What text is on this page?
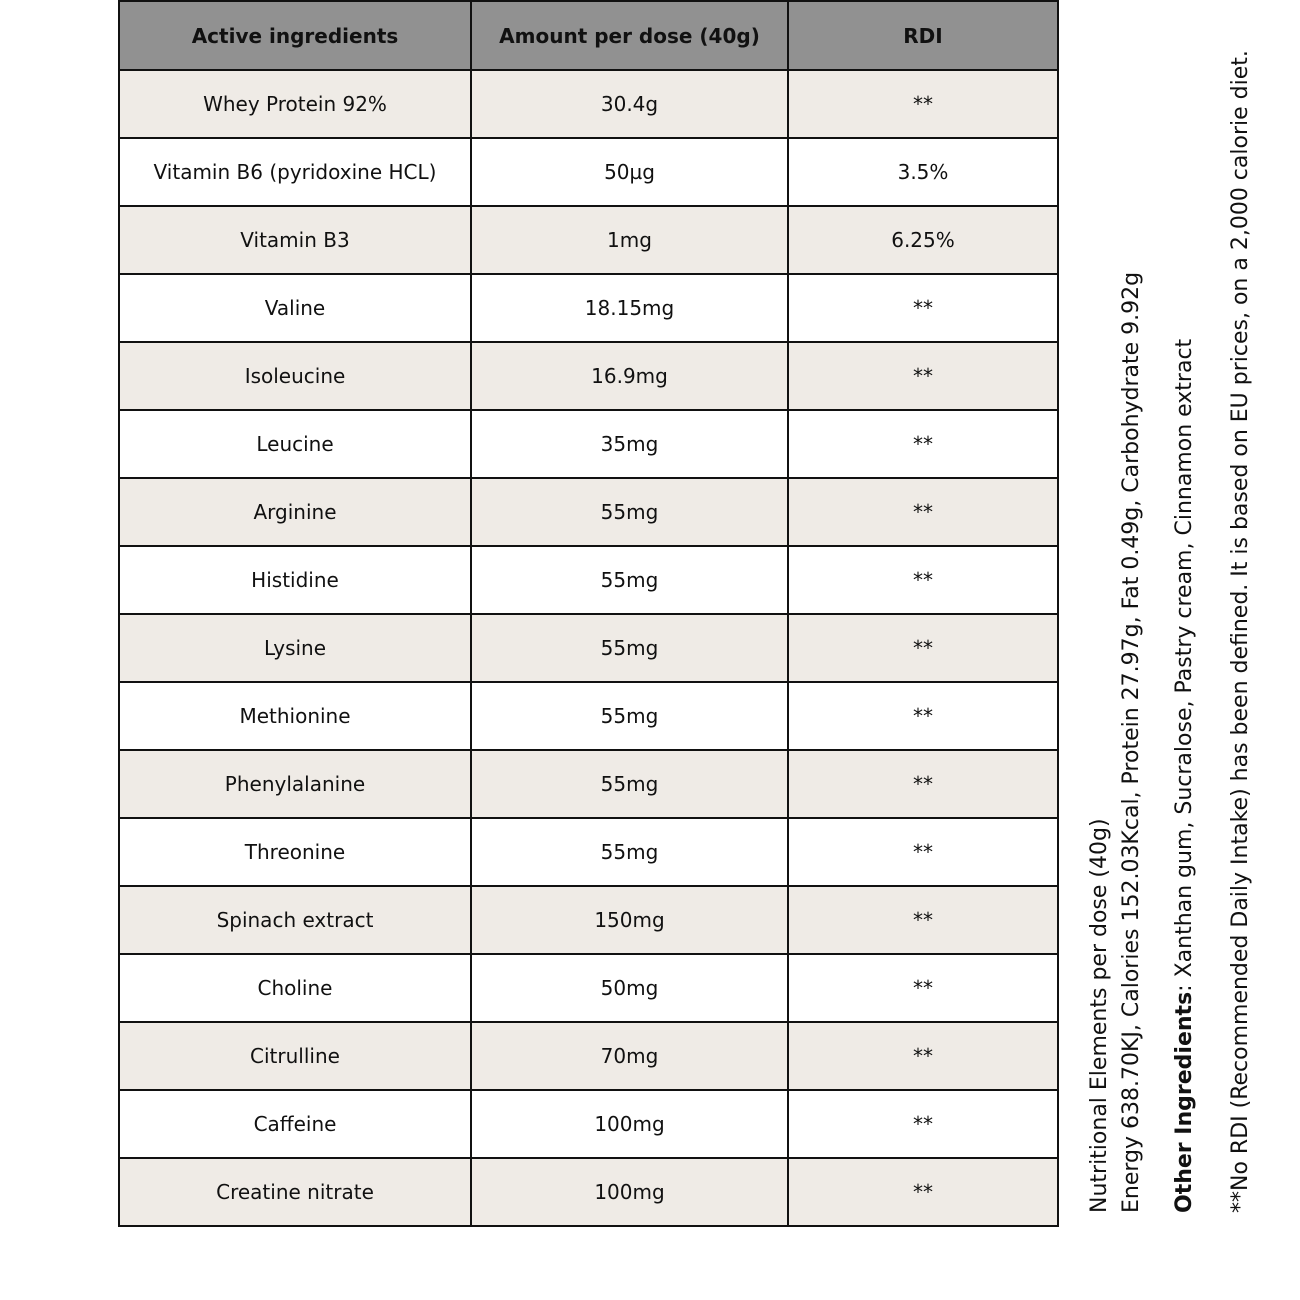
Active ingredients	Amount per dose (40g)	RDI
Whey Protein 92%	30.4g	**
Vitamin B6 (pyridoxine HCL)	50µg	3.5%
Vitamin B3	1mg	6.25%
Valine	18.15mg	**
Isoleucine	16.9mg	**
Leucine	35mg	**
Arginine	55mg	**
Histidine	55mg	**
Lysine	55mg	**
Methionine	55mg	**
Phenylalanine	55mg	**
Threonine	55mg	**
Spinach extract	150mg	**
Choline	50mg	**
Citrulline	70mg	**
Caffeine	100mg	**
Creatine nitrate	100mg	**	Nutritional Elements per dose (40g) Energy 638.70KJ, Calories 152.03Kcal, Protein 27.97g, Fat 0.49g, Carbohydrate 9.92g Other Ingredients: Xanthan gum, Sucralose, Pastry cream, Cinnamon extract **No RDI (Recommended Daily Intake) has been defined. It is based on EU prices, on a 2,000 calorie diet.
